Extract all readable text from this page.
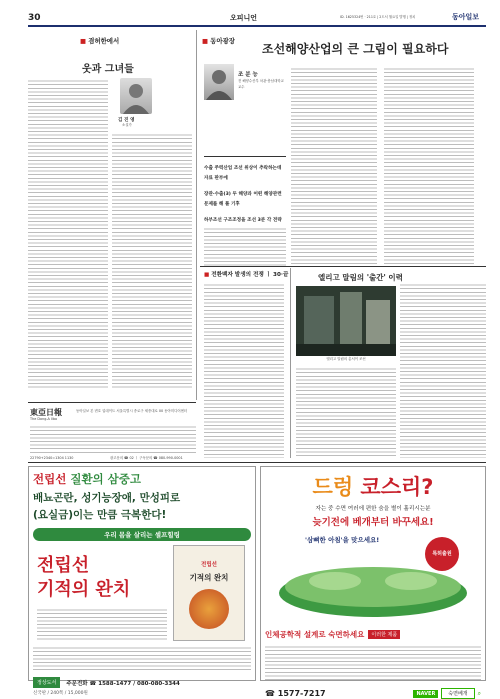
30	오피니언	ID. 1625324번 · 211호 | 2도서 월요일 발행 | 정치	동아일보
■ 겸허한에서
웃과 그녀들
김 진 영
소설가
■ 동아광장
조선해양산업의 큰 그림이 필요하다
조 분 능
전 해양수산부 차관·충남대학교 교수
수출 주력산업 조선 위상이 추락하는데 자료 판부에
장관·수출(3) 두 해양과 어떤 해양관련 문제를 해 풀 기후
하부조선 구조조정을 조선 3분 각 전략
東亞日報
The Dong-A Ilbo
동아일보 본 변호 업데이트 서울특별시 종로구 세종대로 00 동아미디어센터
22790+2340=1304 1130	광고문의 ☎ 02 ㅣ 구독문의 ☎ 080-990-0001
■ 전환백자 발생의 전쟁 ㅣ 30·끝	엘리고 말림의 '출간' 이력
엘리고 말림의 총서이 조선
전립선 질환의 삼중고
배뇨곤란, 성기능장애, 만성피로
(요실금)이는 만큼 극복한다!
우리 몸을 살리는 셀프힐링
전립선
기적의 완치
전립선
기적의 완치
정상도서	주문전화 ☎ 1588-1477 / 080-080-3344
신국판 / 240쪽 / 15,000원
드렁 코스리?
자는 중 수면 여러에 편한 숨을 별이 흘리시는분
늦기전에 베개부터 바꾸세요!
'삼뼈한 아침'을 맞으세요!
특허출원
인체공학적 설계로 숙면하세요	이러한 제품
☎ 1577-7217	NAVER	숙면베개	⌕
